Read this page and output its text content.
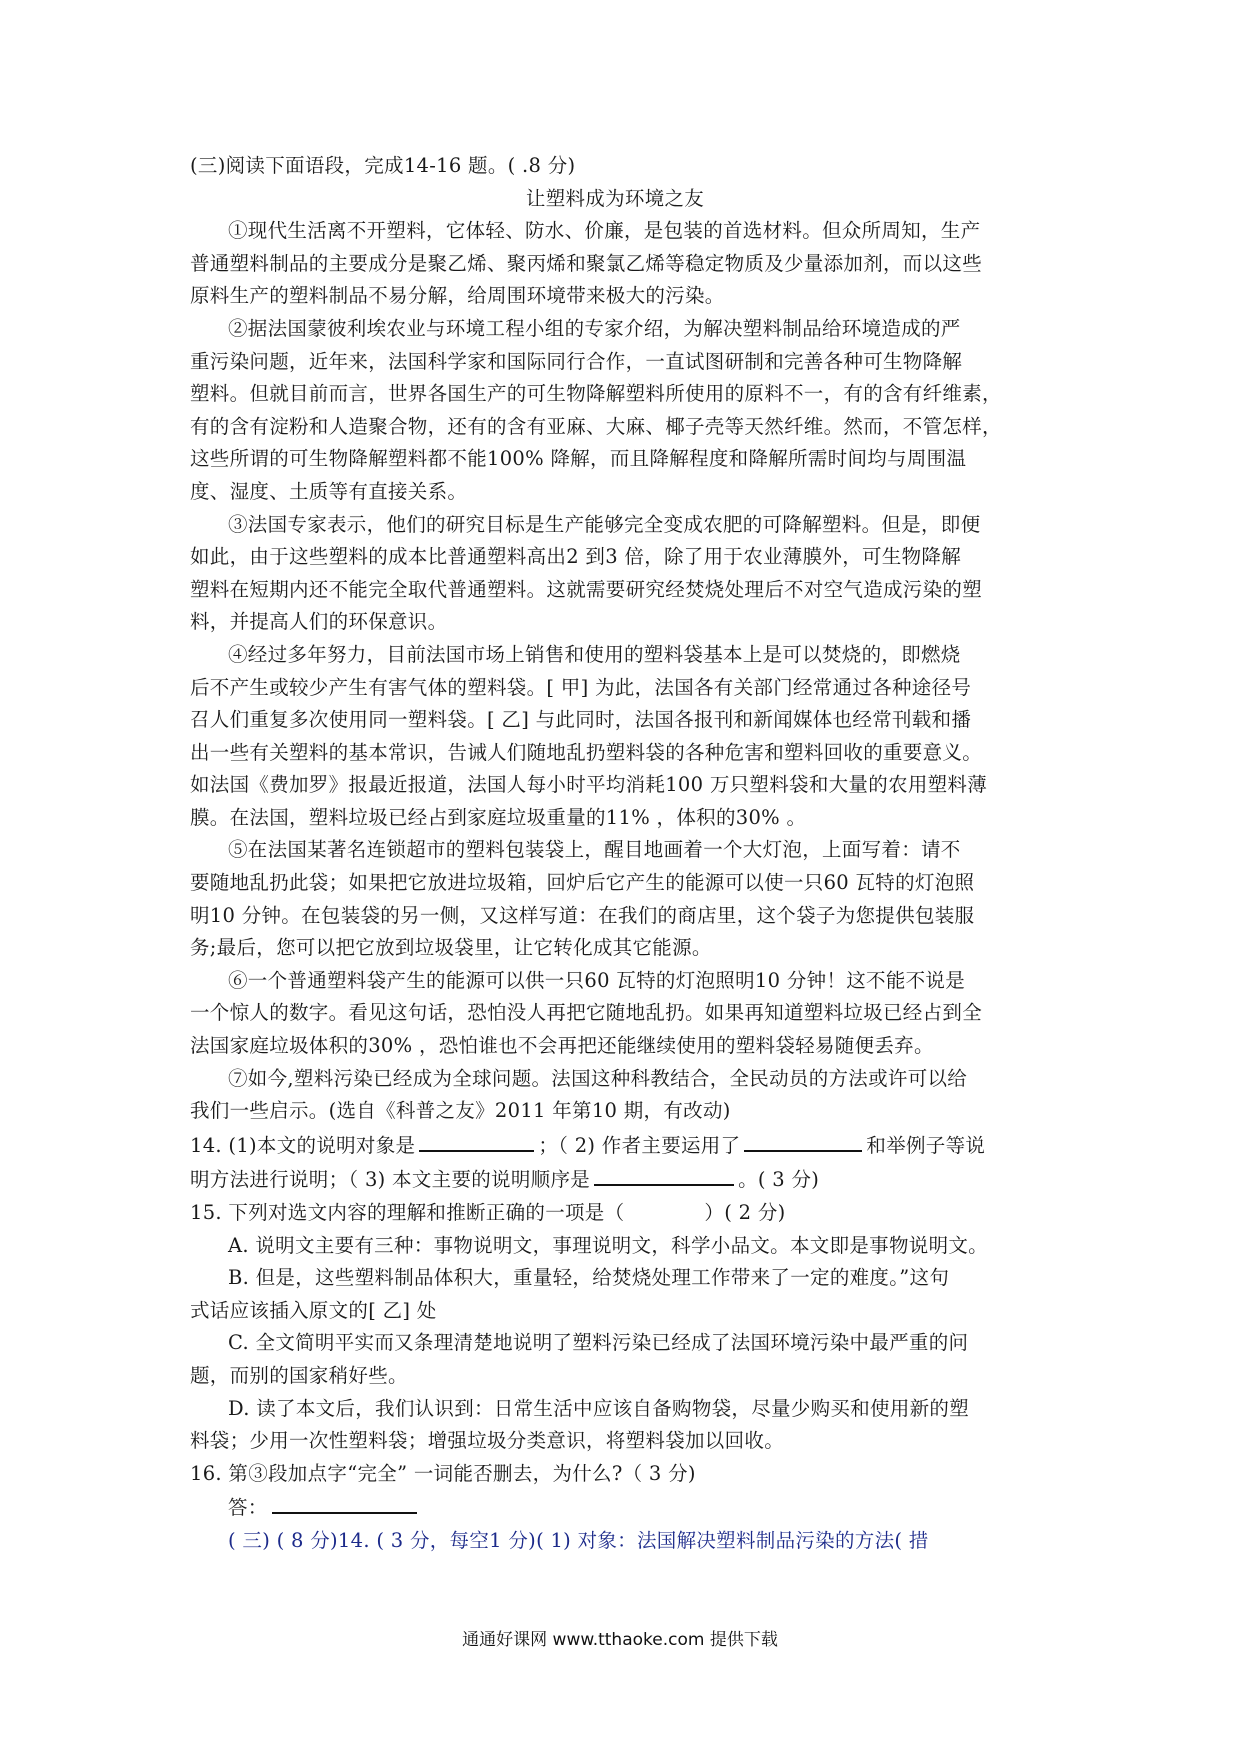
(三)阅读下面语段，完成14-16 题。( .8 分)
让塑料成为环境之友
①现代生活离不开塑料，它体轻、防水、价廉，是包装的首选材料。但众所周知，生产
普通塑料制品的主要成分是聚乙烯、聚丙烯和聚氯乙烯等稳定物质及少量添加剂，而以这些
原料生产的塑料制品不易分解，给周围环境带来极大的污染。
②据法国蒙彼利埃农业与环境工程小组的专家介绍，为解决塑料制品给环境造成的严
重污染问题，近年来，法国科学家和国际同行合作，一直试图研制和完善各种可生物降解
塑料。但就目前而言，世界各国生产的可生物降解塑料所使用的原料不一，有的含有纤维素，
有的含有淀粉和人造聚合物，还有的含有亚麻、大麻、椰子壳等天然纤维。然而，不管怎样，
这些所谓的可生物降解塑料都不能100% 降解，而且降解程度和降解所需时间均与周围温
度、湿度、土质等有直接关系。
③法国专家表示，他们的研究目标是生产能够完全变成农肥的可降解塑料。但是，即便
如此，由于这些塑料的成本比普通塑料高出2 到3 倍，除了用于农业薄膜外，可生物降解
塑料在短期内还不能完全取代普通塑料。这就需要研究经焚烧处理后不对空气造成污染的塑
料，并提高人们的环保意识。
④经过多年努力，目前法国市场上销售和使用的塑料袋基本上是可以焚烧的，即燃烧
后不产生或较少产生有害气体的塑料袋。[ 甲] 为此，法国各有关部门经常通过各种途径号
召人们重复多次使用同一塑料袋。[ 乙] 与此同时，法国各报刊和新闻媒体也经常刊载和播
出一些有关塑料的基本常识，告诫人们随地乱扔塑料袋的各种危害和塑料回收的重要意义。
如法国《费加罗》报最近报道，法国人每小时平均消耗100 万只塑料袋和大量的农用塑料薄
膜。在法国，塑料垃圾已经占到家庭垃圾重量的11% ，体积的30% 。
⑤在法国某著名连锁超市的塑料包装袋上，醒目地画着一个大灯泡，上面写着：请不
要随地乱扔此袋；如果把它放进垃圾箱，回炉后它产生的能源可以使一只60 瓦特的灯泡照
明10 分钟。在包装袋的另一侧，又这样写道：在我们的商店里，这个袋子为您提供包装服
务;最后，您可以把它放到垃圾袋里，让它转化成其它能源。
⑥一个普通塑料袋产生的能源可以供一只60 瓦特的灯泡照明10 分钟！这不能不说是
一个惊人的数字。看见这句话，恐怕没人再把它随地乱扔。如果再知道塑料垃圾已经占到全
法国家庭垃圾体积的30% ，恐怕谁也不会再把还能继续使用的塑料袋轻易随便丢弃。
⑦如今,塑料污染已经成为全球问题。法国这种科教结合，全民动员的方法或许可以给
我们一些启示。(选自《科普之友》2011 年第10 期，有改动)
14. (1)本文的说明对象是	；（ 2) 作者主要运用了	和举例子等说
明方法进行说明；（ 3) 本文主要的说明顺序是	。( 3 分)
15. 下列对选文内容的理解和推断正确的一项是（	）( 2 分)
A. 说明文主要有三种：事物说明文，事理说明文，科学小品文。本文即是事物说明文。
B. 但是，这些塑料制品体积大，重量轻，给焚烧处理工作带来了一定的难度。”这句
式话应该插入原文的[ 乙] 处
C. 全文简明平实而又条理清楚地说明了塑料污染已经成了法国环境污染中最严重的问
题，而别的国家稍好些。
D. 读了本文后，我们认识到：日常生活中应该自备购物袋，尽量少购买和使用新的塑
料袋；少用一次性塑料袋；增强垃圾分类意识，将塑料袋加以回收。
16. 第③段加点字“完全” 一词能否删去，为什么?（ 3 分)
答：
( 三) ( 8 分)14. ( 3 分，每空1 分)( 1) 对象：法国解决塑料制品污染的方法( 措
通通好课网 www.tthaoke.com 提供下载
